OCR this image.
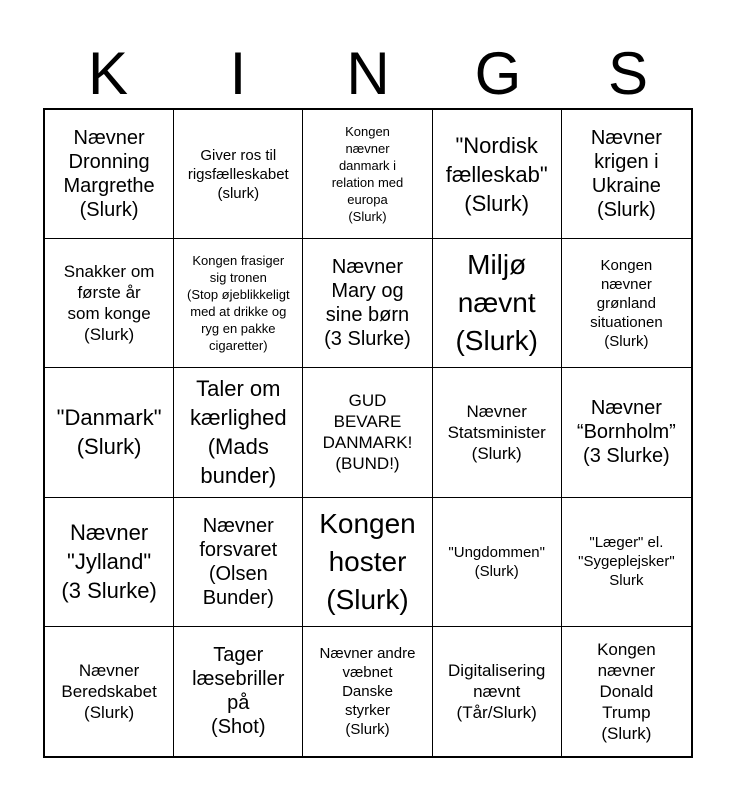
K	I	N	G	S
Nævner
Dronning
Margrethe
(Slurk)
Giver ros til
rigsfælleskabet
(slurk)
Kongen
nævner
danmark i
relation med
europa
(Slurk)
"Nordisk
fælleskab"
(Slurk)
Nævner
krigen i
Ukraine
(Slurk)
Snakker om
første år
som konge
(Slurk)
Kongen frasiger
sig tronen
(Stop øjeblikkeligt
med at drikke og
ryg en pakke
cigaretter)
Nævner
Mary og
sine børn
(3 Slurke)
Miljø
nævnt
(Slurk)
Kongen
nævner
grønland
situationen
(Slurk)
"Danmark"
(Slurk)
Taler om
kærlighed
(Mads
bunder)
GUD
BEVARE
DANMARK!
(BUND!)
Nævner
Statsminister
(Slurk)
Nævner
“Bornholm”
(3 Slurke)
Nævner
"Jylland"
(3 Slurke)
Nævner
forsvaret
(Olsen
Bunder)
Kongen
hoster
(Slurk)
"Ungdommen"
(Slurk)
"Læger" el.
"Sygeplejsker"
Slurk
Nævner
Beredskabet
(Slurk)
Tager
læsebriller
på
(Shot)
Nævner andre
væbnet
Danske
styrker
(Slurk)
Digitalisering
nævnt
(Tår/Slurk)
Kongen
nævner
Donald
Trump
(Slurk)
